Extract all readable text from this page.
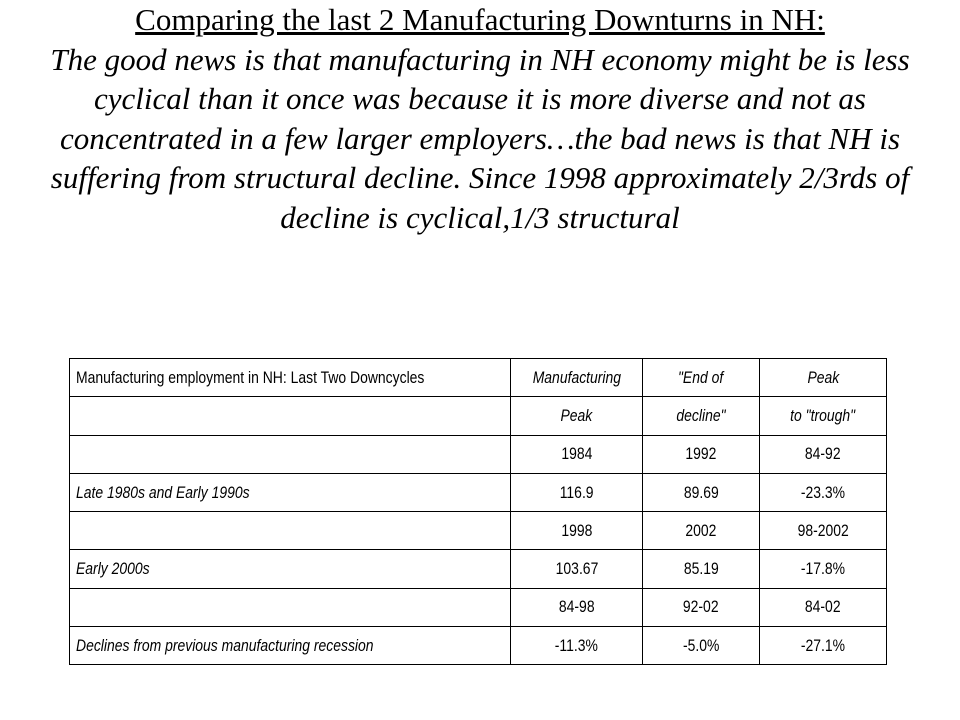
Comparing the last 2 Manufacturing Downturns in NH:
The good news is that manufacturing in NH economy might be is less cyclical than it once was because it is more diverse and not as concentrated in a few larger employers…the bad news is that NH is suffering from structural decline. Since 1998 approximately 2/3rds of decline is cyclical,1/3 structural
Manufacturing employment in NH: Last Two Downcycles	Manufacturing	"End of	Peak
	Peak	decline"	to "trough"
	1984	1992	84-92
Late 1980s and Early 1990s	116.9	89.69	-23.3%
	1998	2002	98-2002
Early 2000s	103.67	85.19	-17.8%
	84-98	92-02	84-02
Declines from previous manufacturing recession	-11.3%	-5.0%	-27.1%
